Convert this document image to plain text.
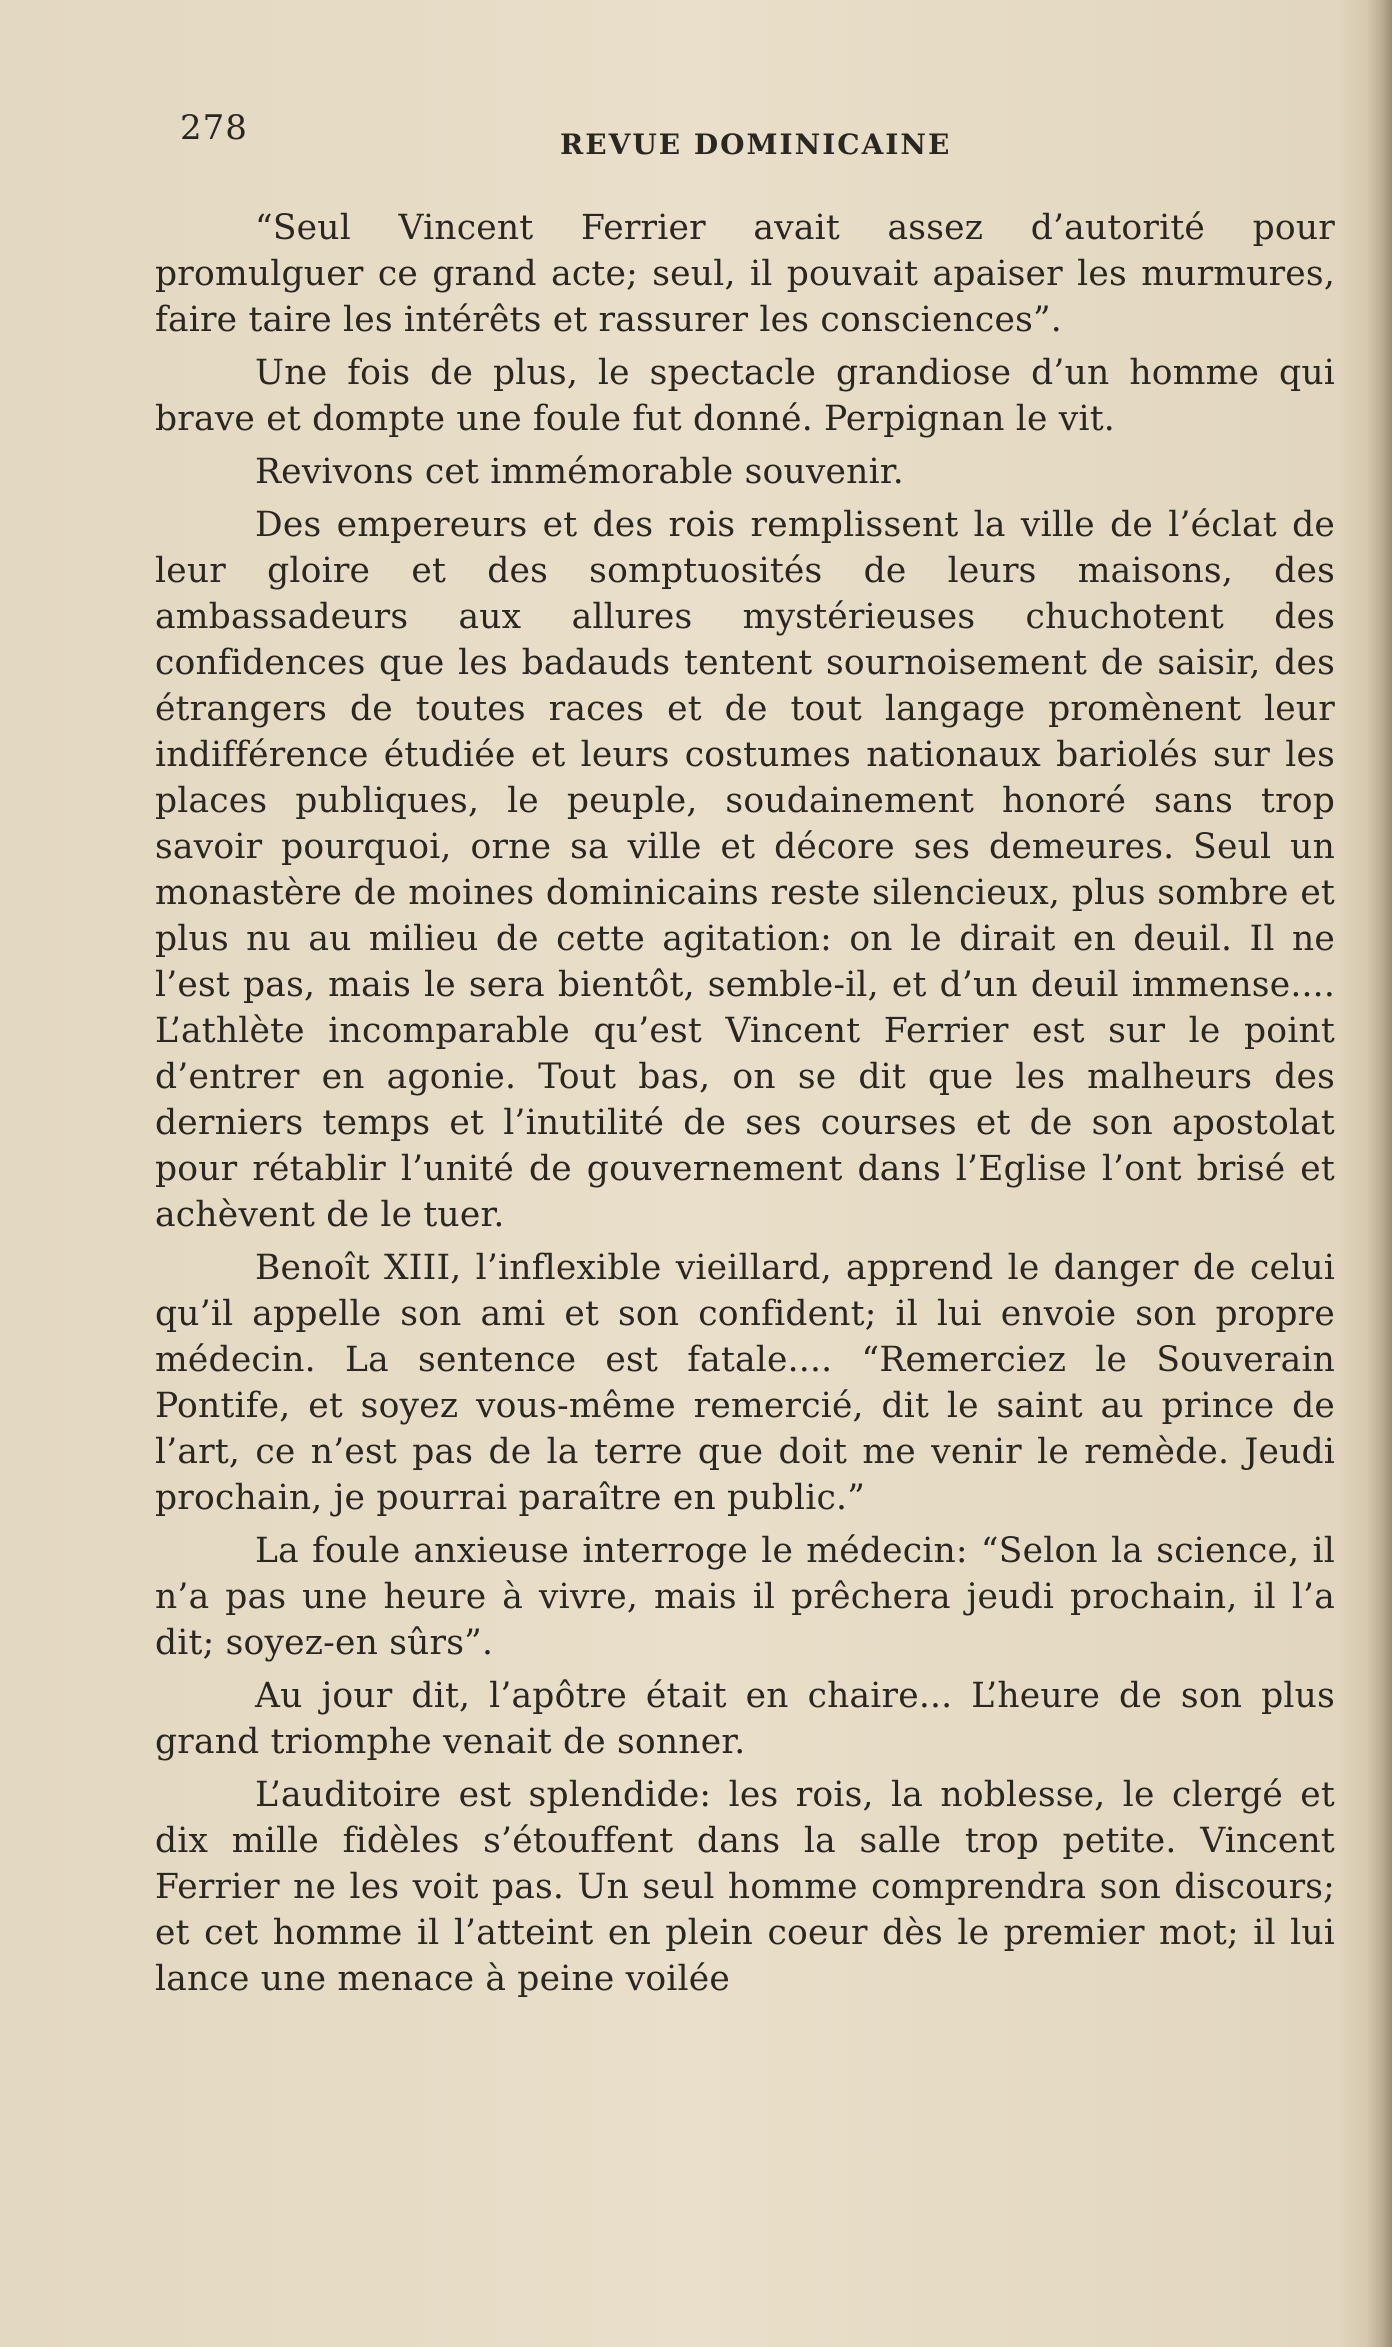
278	REVUE DOMINICAINE

“Seul Vincent Ferrier avait assez d’autorité pour promulguer ce grand acte; seul, il pouvait apaiser les murmures, faire taire les intérêts et rassurer les consciences”.

Une fois de plus, le spectacle grandiose d’un homme qui brave et dompte une foule fut donné. Perpignan le vit.

Revivons cet immémorable souvenir.

Des empereurs et des rois remplissent la ville de l’éclat de leur gloire et des somptuosités de leurs maisons, des ambassadeurs aux allures mystérieuses chuchotent des confidences que les badauds tentent sournoisement de saisir, des étrangers de toutes races et de tout langage promènent leur indifférence étudiée et leurs costumes nationaux bariolés sur les places publiques, le peuple, soudainement honoré sans trop savoir pourquoi, orne sa ville et décore ses demeures. Seul un monastère de moines dominicains reste silencieux, plus sombre et plus nu au milieu de cette agitation: on le dirait en deuil. Il ne l’est pas, mais le sera bientôt, semble-il, et d’un deuil immense.... L’athlète incomparable qu’est Vincent Ferrier est sur le point d’entrer en agonie. Tout bas, on se dit que les malheurs des derniers temps et l’inutilité de ses courses et de son apostolat pour rétablir l’unité de gouvernement dans l’Eglise l’ont brisé et achèvent de le tuer.

Benoît XIII, l’inflexible vieillard, apprend le danger de celui qu’il appelle son ami et son confident; il lui envoie son propre médecin. La sentence est fatale.... “Remerciez le Souverain Pontife, et soyez vous-même remercié, dit le saint au prince de l’art, ce n’est pas de la terre que doit me venir le remède. Jeudi prochain, je pourrai paraître en public.”

La foule anxieuse interroge le médecin: “Selon la science, il n’a pas une heure à vivre, mais il prêchera jeudi prochain, il l’a dit; soyez-en sûrs”.

Au jour dit, l’apôtre était en chaire... L’heure de son plus grand triomphe venait de sonner.

L’auditoire est splendide: les rois, la noblesse, le clergé et dix mille fidèles s’étouffent dans la salle trop petite. Vincent Ferrier ne les voit pas. Un seul homme comprendra son discours; et cet homme il l’atteint en plein coeur dès le premier mot; il lui lance une menace à peine voilée
